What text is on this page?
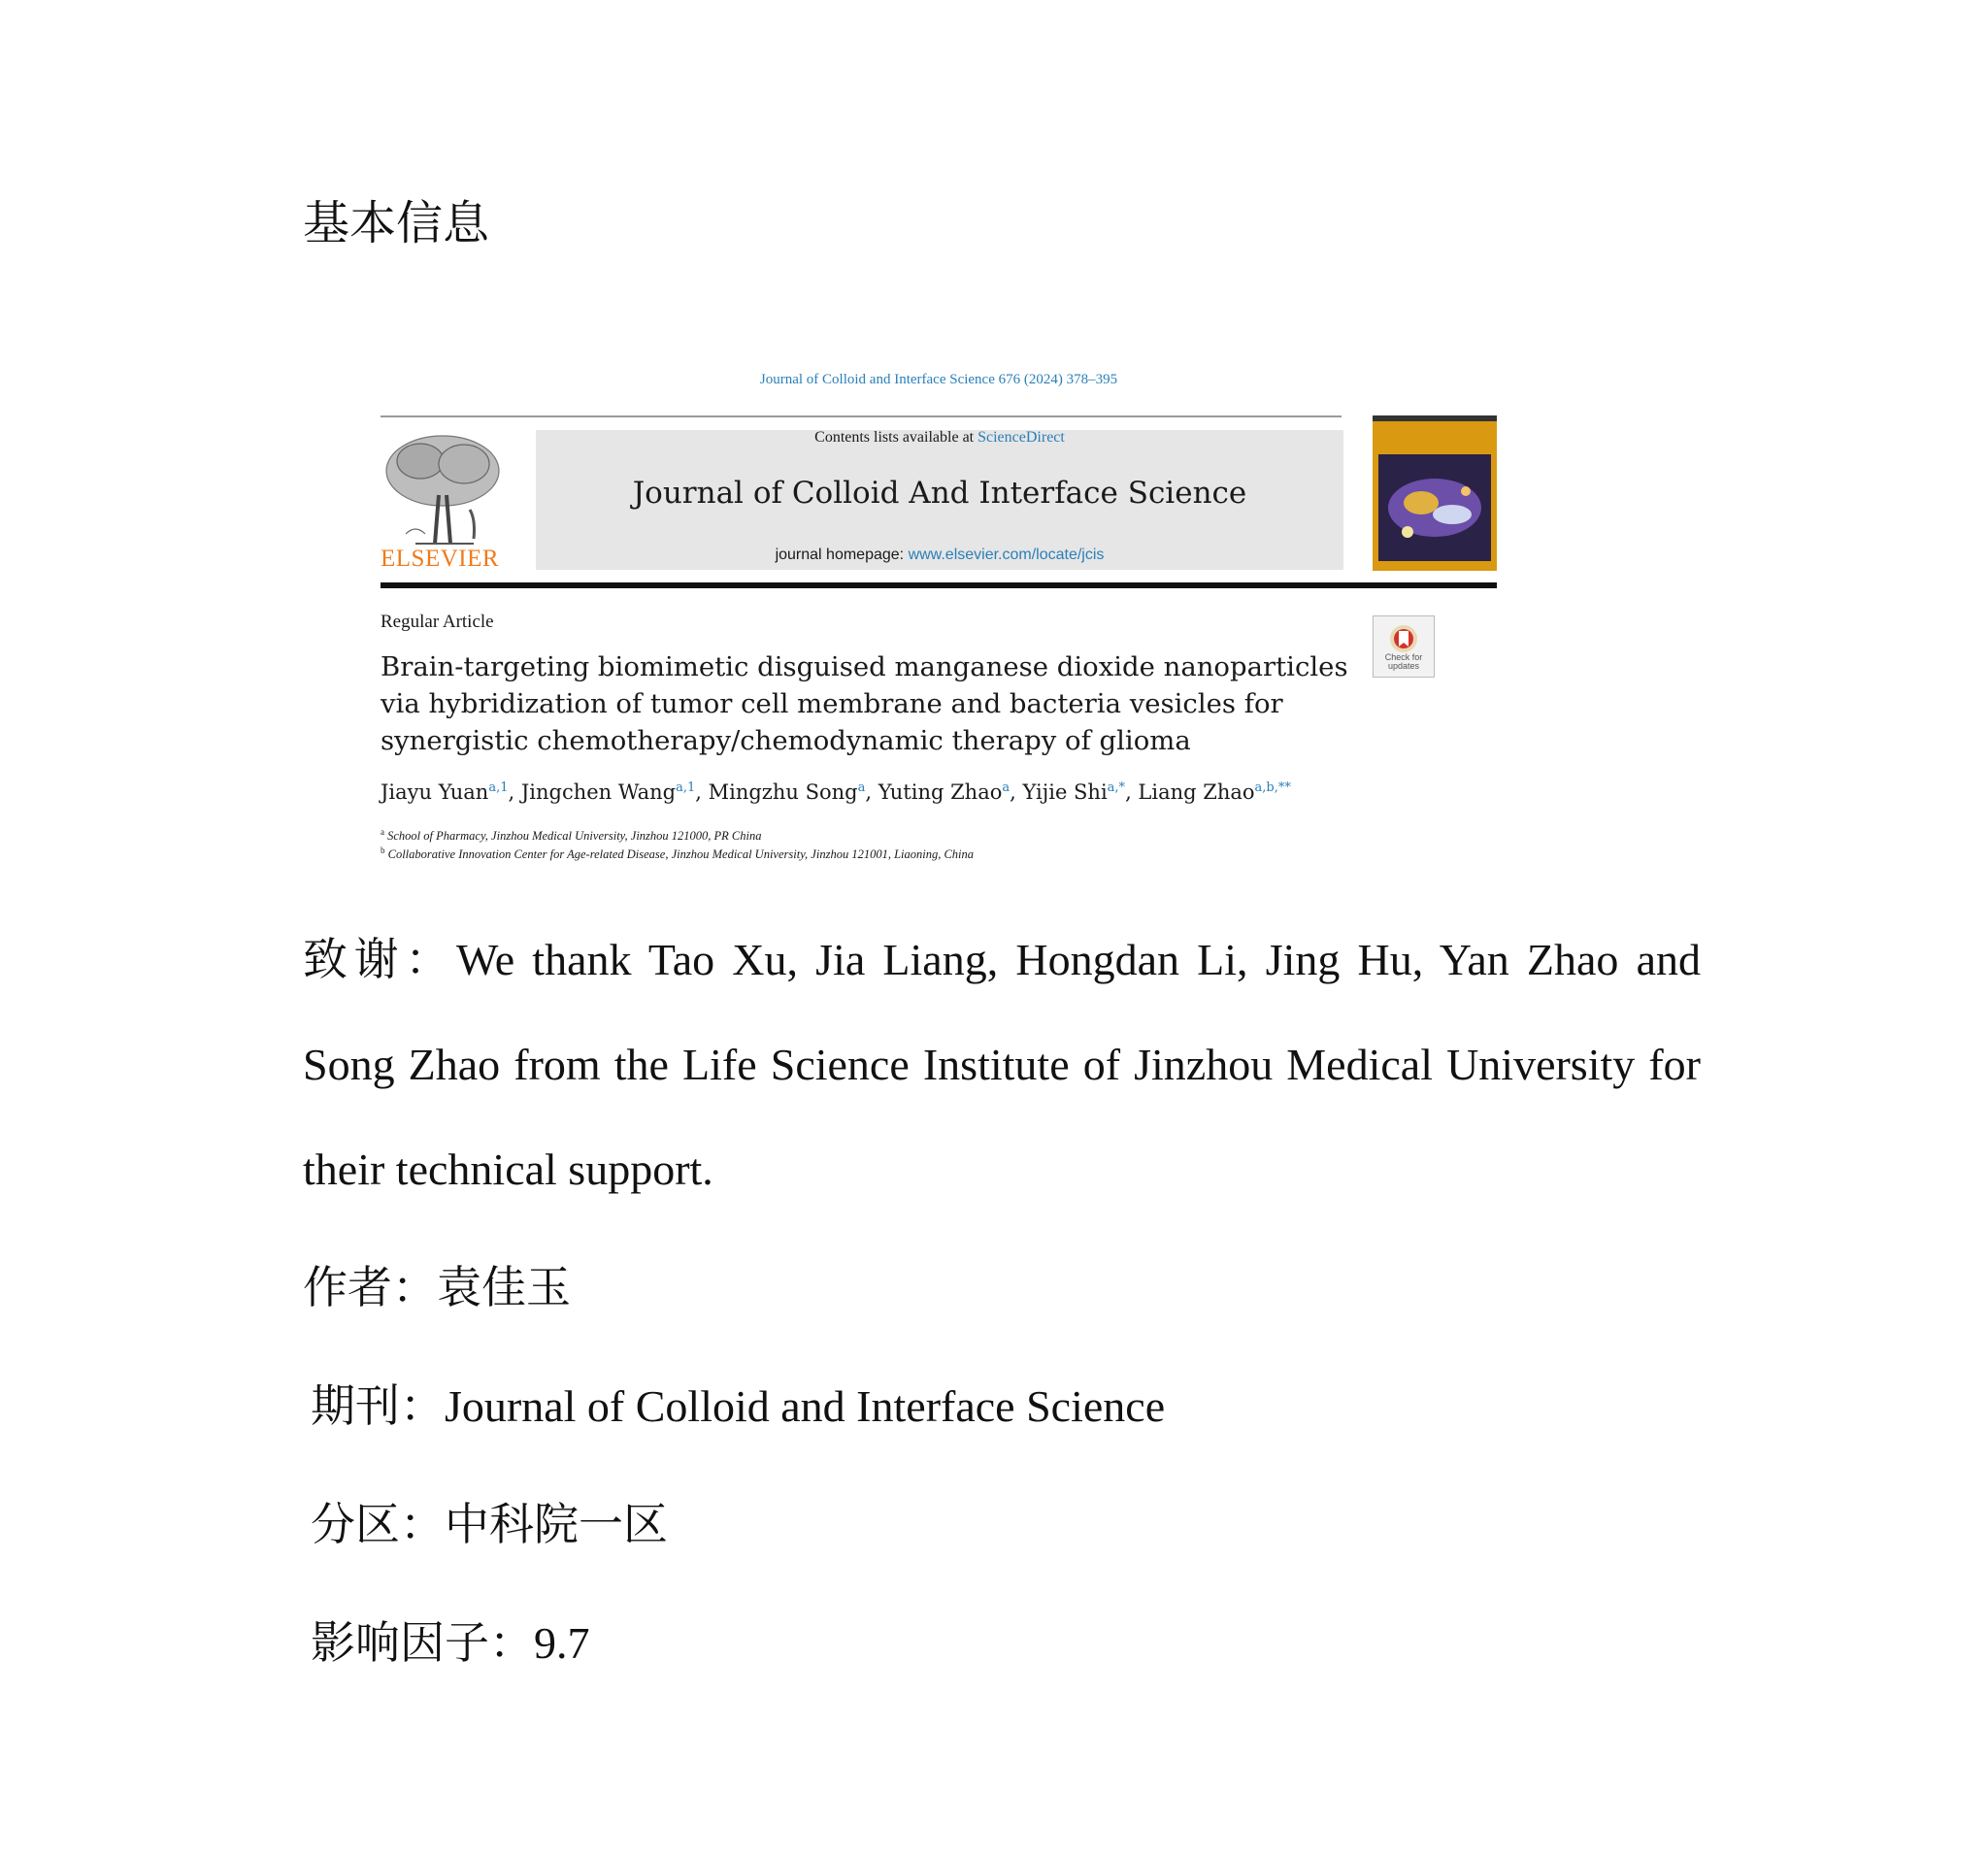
基本信息
Journal of Colloid and Interface Science 676 (2024) 378–395
ELSEVIER
Contents lists available at ScienceDirect
Journal of Colloid And Interface Science
journal homepage: www.elsevier.com/locate/jcis
Regular Article
Brain-targeting biomimetic disguised manganese dioxide nanoparticles via hybridization of tumor cell membrane and bacteria vesicles for synergistic chemotherapy/chemodynamic therapy of glioma
Check for
updates
Jiayu Yuan$^{a,1}$, Jingchen Wang$^{a,1}$, Mingzhu Song$^a$, Yuting Zhao$^a$, Yijie Shi$^{a,*}$, Liang Zhao$^{a,b,**}$
$^a$ School of Pharmacy, Jinzhou Medical University, Jinzhou 121000, PR China
$^b$ Collaborative Innovation Center for Age-related Disease, Jinzhou Medical University, Jinzhou 121001, Liaoning, China
致谢：We thank Tao Xu, Jia Liang, Hongdan Li, Jing Hu, Yan Zhao and Song Zhao from the Life Science Institute of Jinzhou Medical University for their technical support.
作者：袁佳玉
期刊：Journal of Colloid and Interface Science
分区：中科院一区
影响因子：9.7
